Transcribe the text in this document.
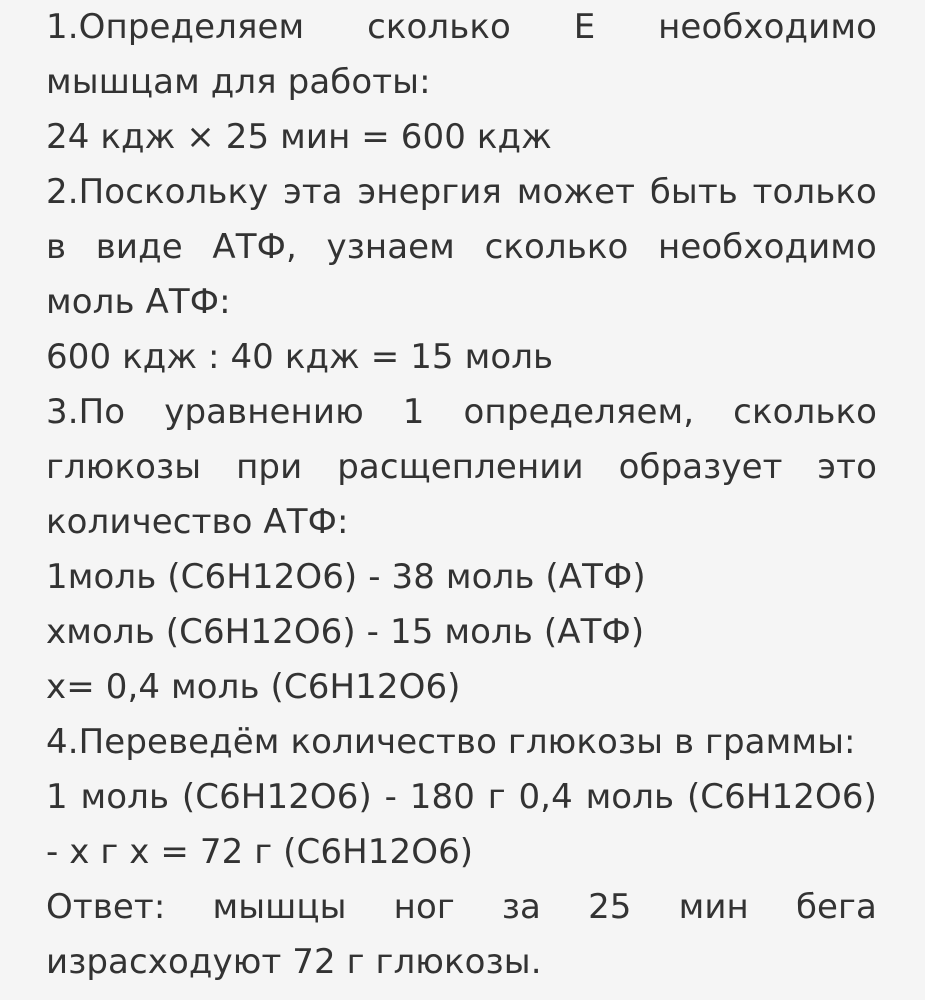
1.Определяем сколько Е необходимо
мышцам для работы:
24 кдж × 25 мин = 600 кдж
2.Поскольку эта энергия может быть только
в виде АТФ, узнаем сколько необходимо
моль АТФ:
600 кдж : 40 кдж = 15 моль
3.По уравнению 1 определяем, сколько
глюкозы при расщеплении образует это
количество АТФ:
1моль (С6Н12О6) - 38 моль (АТФ)
хмоль (С6Н12О6) - 15 моль (АТФ)
х= 0,4 моль (С6Н12О6)
4.Переведём количество глюкозы в граммы:
1 моль (С6Н12О6) - 180 г 0,4 моль (С6Н12О6)
- х г х = 72 г (С6Н12О6)
Ответ: мышцы ног за 25 мин бега
израсходуют 72 г глюкозы.
